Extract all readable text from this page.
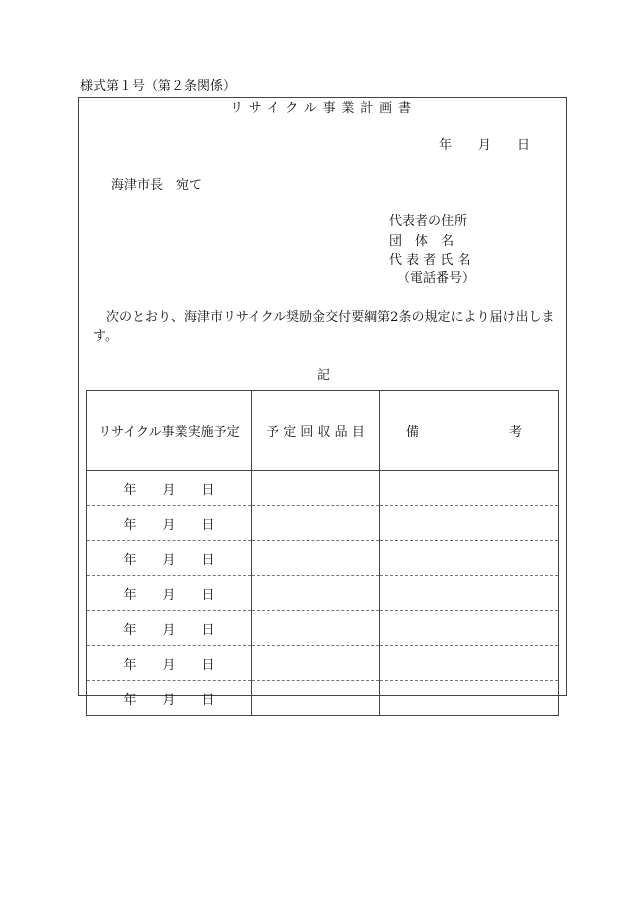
様式第１号（第２条関係）
リサイクル事業計画書
年　　月　　日
海津市長　宛て
代表者の住所
団　体　名
代 表 者 氏 名
（電話番号）
次のとおり、海津市リサイクル奨励金交付要綱第2条の規定により届け出します。
記
リサイクル事業実施予定	予 定 回 収 品 目	備 考

年　　月　　日		
年　　月　　日		
年　　月　　日		
年　　月　　日		
年　　月　　日		
年　　月　　日		
年　　月　　日		
